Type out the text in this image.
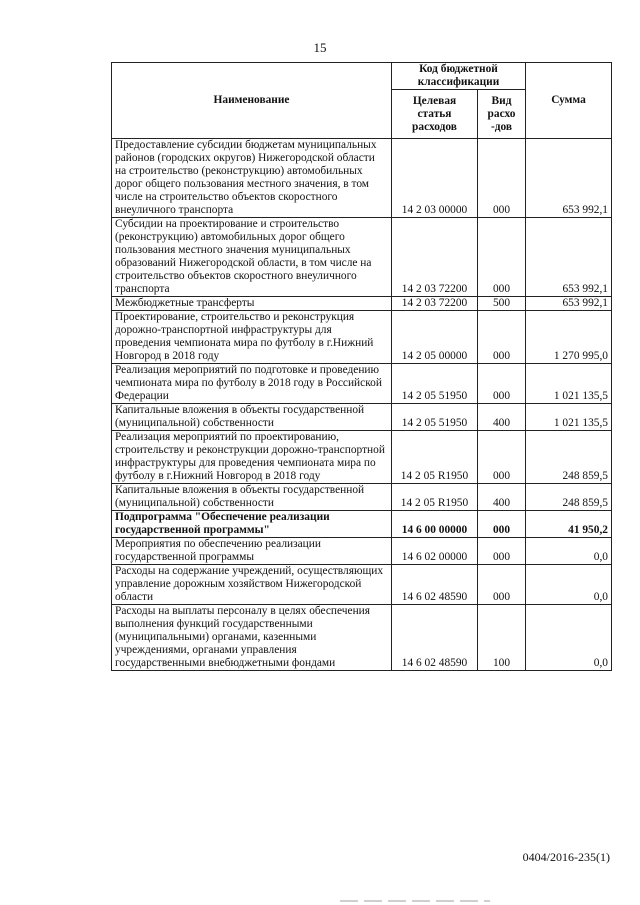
15
Наименование	Код бюджетной классификации		Сумма
	Целевая статья расходов	Вид расхо -дов	
Предоставление субсидии бюджетам муниципальных районов (городских округов) Нижегородской области на строительство (реконструкцию) автомобильных дорог общего пользования местного значения, в том числе на строительство объектов скоростного внеуличного транспорта	14 2 03 00000	000	653 992,1
Субсидии на проектирование и строительство (реконструкцию) автомобильных дорог общего пользования местного значения муниципальных образований Нижегородской области, в том числе на строительство объектов скоростного внеуличного транспорта	14 2 03 72200	000	653 992,1
Межбюджетные трансферты	14 2 03 72200	500	653 992,1
Проектирование, строительство и реконструкция дорожно-транспортной инфраструктуры для проведения чемпионата мира по футболу в г.Нижний Новгород в 2018 году	14 2 05 00000	000	1 270 995,0
Реализация мероприятий по подготовке и проведению чемпионата мира по футболу в 2018 году в Российской Федерации	14 2 05 51950	000	1 021 135,5
Капитальные вложения в объекты государственной (муниципальной) собственности	14 2 05 51950	400	1 021 135,5
Реализация мероприятий по проектированию, строительству и реконструкции дорожно-транспортной инфраструктуры для проведения чемпионата мира по футболу в г.Нижний Новгород в 2018 году	14 2 05 R1950	000	248 859,5
Капитальные вложения в объекты государственной (муниципальной) собственности	14 2 05 R1950	400	248 859,5
Подпрограмма "Обеспечение реализации государственной программы"	14 6 00 00000	000	41 950,2
Мероприятия по обеспечению реализации государственной программы	14 6 02 00000	000	0,0
Расходы на содержание учреждений, осуществляющих управление дорожным хозяйством Нижегородской области	14 6 02 48590	000	0,0
Расходы на выплаты персоналу в целях обеспечения выполнения функций государственными (муниципальными) органами, казенными учреждениями, органами управления государственными внебюджетными фондами	14 6 02 48590	100	0,0
0404/2016-235(1)
